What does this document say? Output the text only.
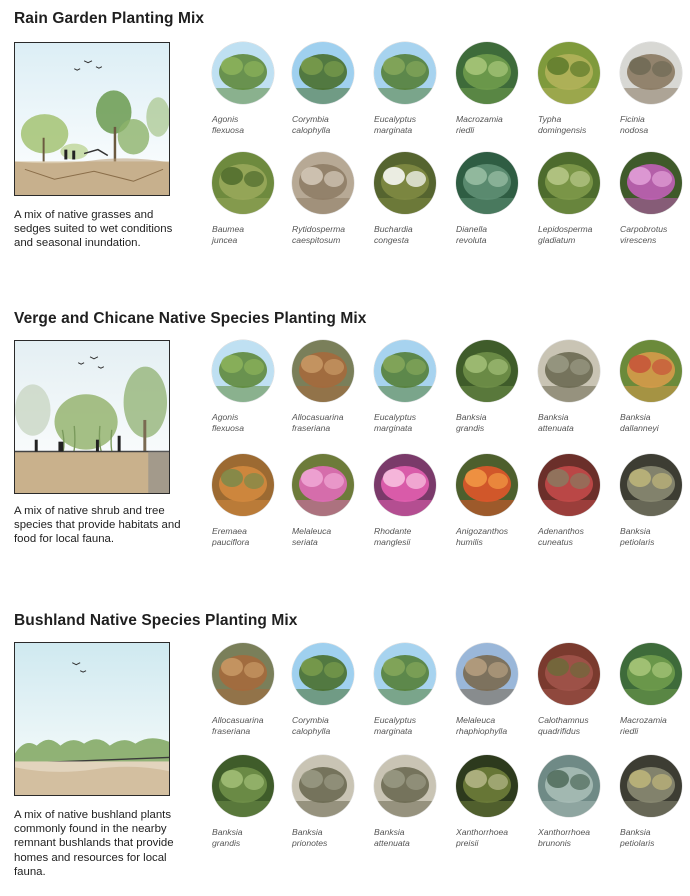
Rain Garden Planting Mix
A mix of native grasses and sedges suited to wet conditions and seasonal inundation.
Verge and Chicane Native Species Planting Mix
A mix of native shrub and tree species that provide habitats and food for local fauna.
Bushland Native Species Planting Mix
A mix of native bushland plants commonly found in the nearby remnant bushlands that provide homes and resources for local fauna.
Agonis
flexuosa
Corymbia
calophylla
Eucalyptus
marginata
Macrozamia
riedli
Typha
domingensis
Ficinia
nodosa
Baumea
juncea
Rytidosperma
caespitosum
Buchardia
congesta
Dianella
revoluta
Lepidosperma
gladiatum
Carpobrotus
virescens
Agonis
flexuosa
Allocasuarina
fraseriana
Eucalyptus
marginata
Banksia
grandis
Banksia
attenuata
Banksia
dallanneyi
Eremaea
pauciflora
Melaleuca
seriata
Rhodante
manglesii
Anigozanthos
humilis
Adenanthos
cuneatus
Banksia
petiolaris
Allocasuarina
fraseriana
Corymbia
calophylla
Eucalyptus
marginata
Melaleuca
rhaphiophylla
Calothamnus
quadrifidus
Macrozamia
riedli
Banksia
grandis
Banksia
prionotes
Banksia
attenuata
Xanthorrhoea
preisii
Xanthorrhoea
brunonis
Banksia
petiolaris
